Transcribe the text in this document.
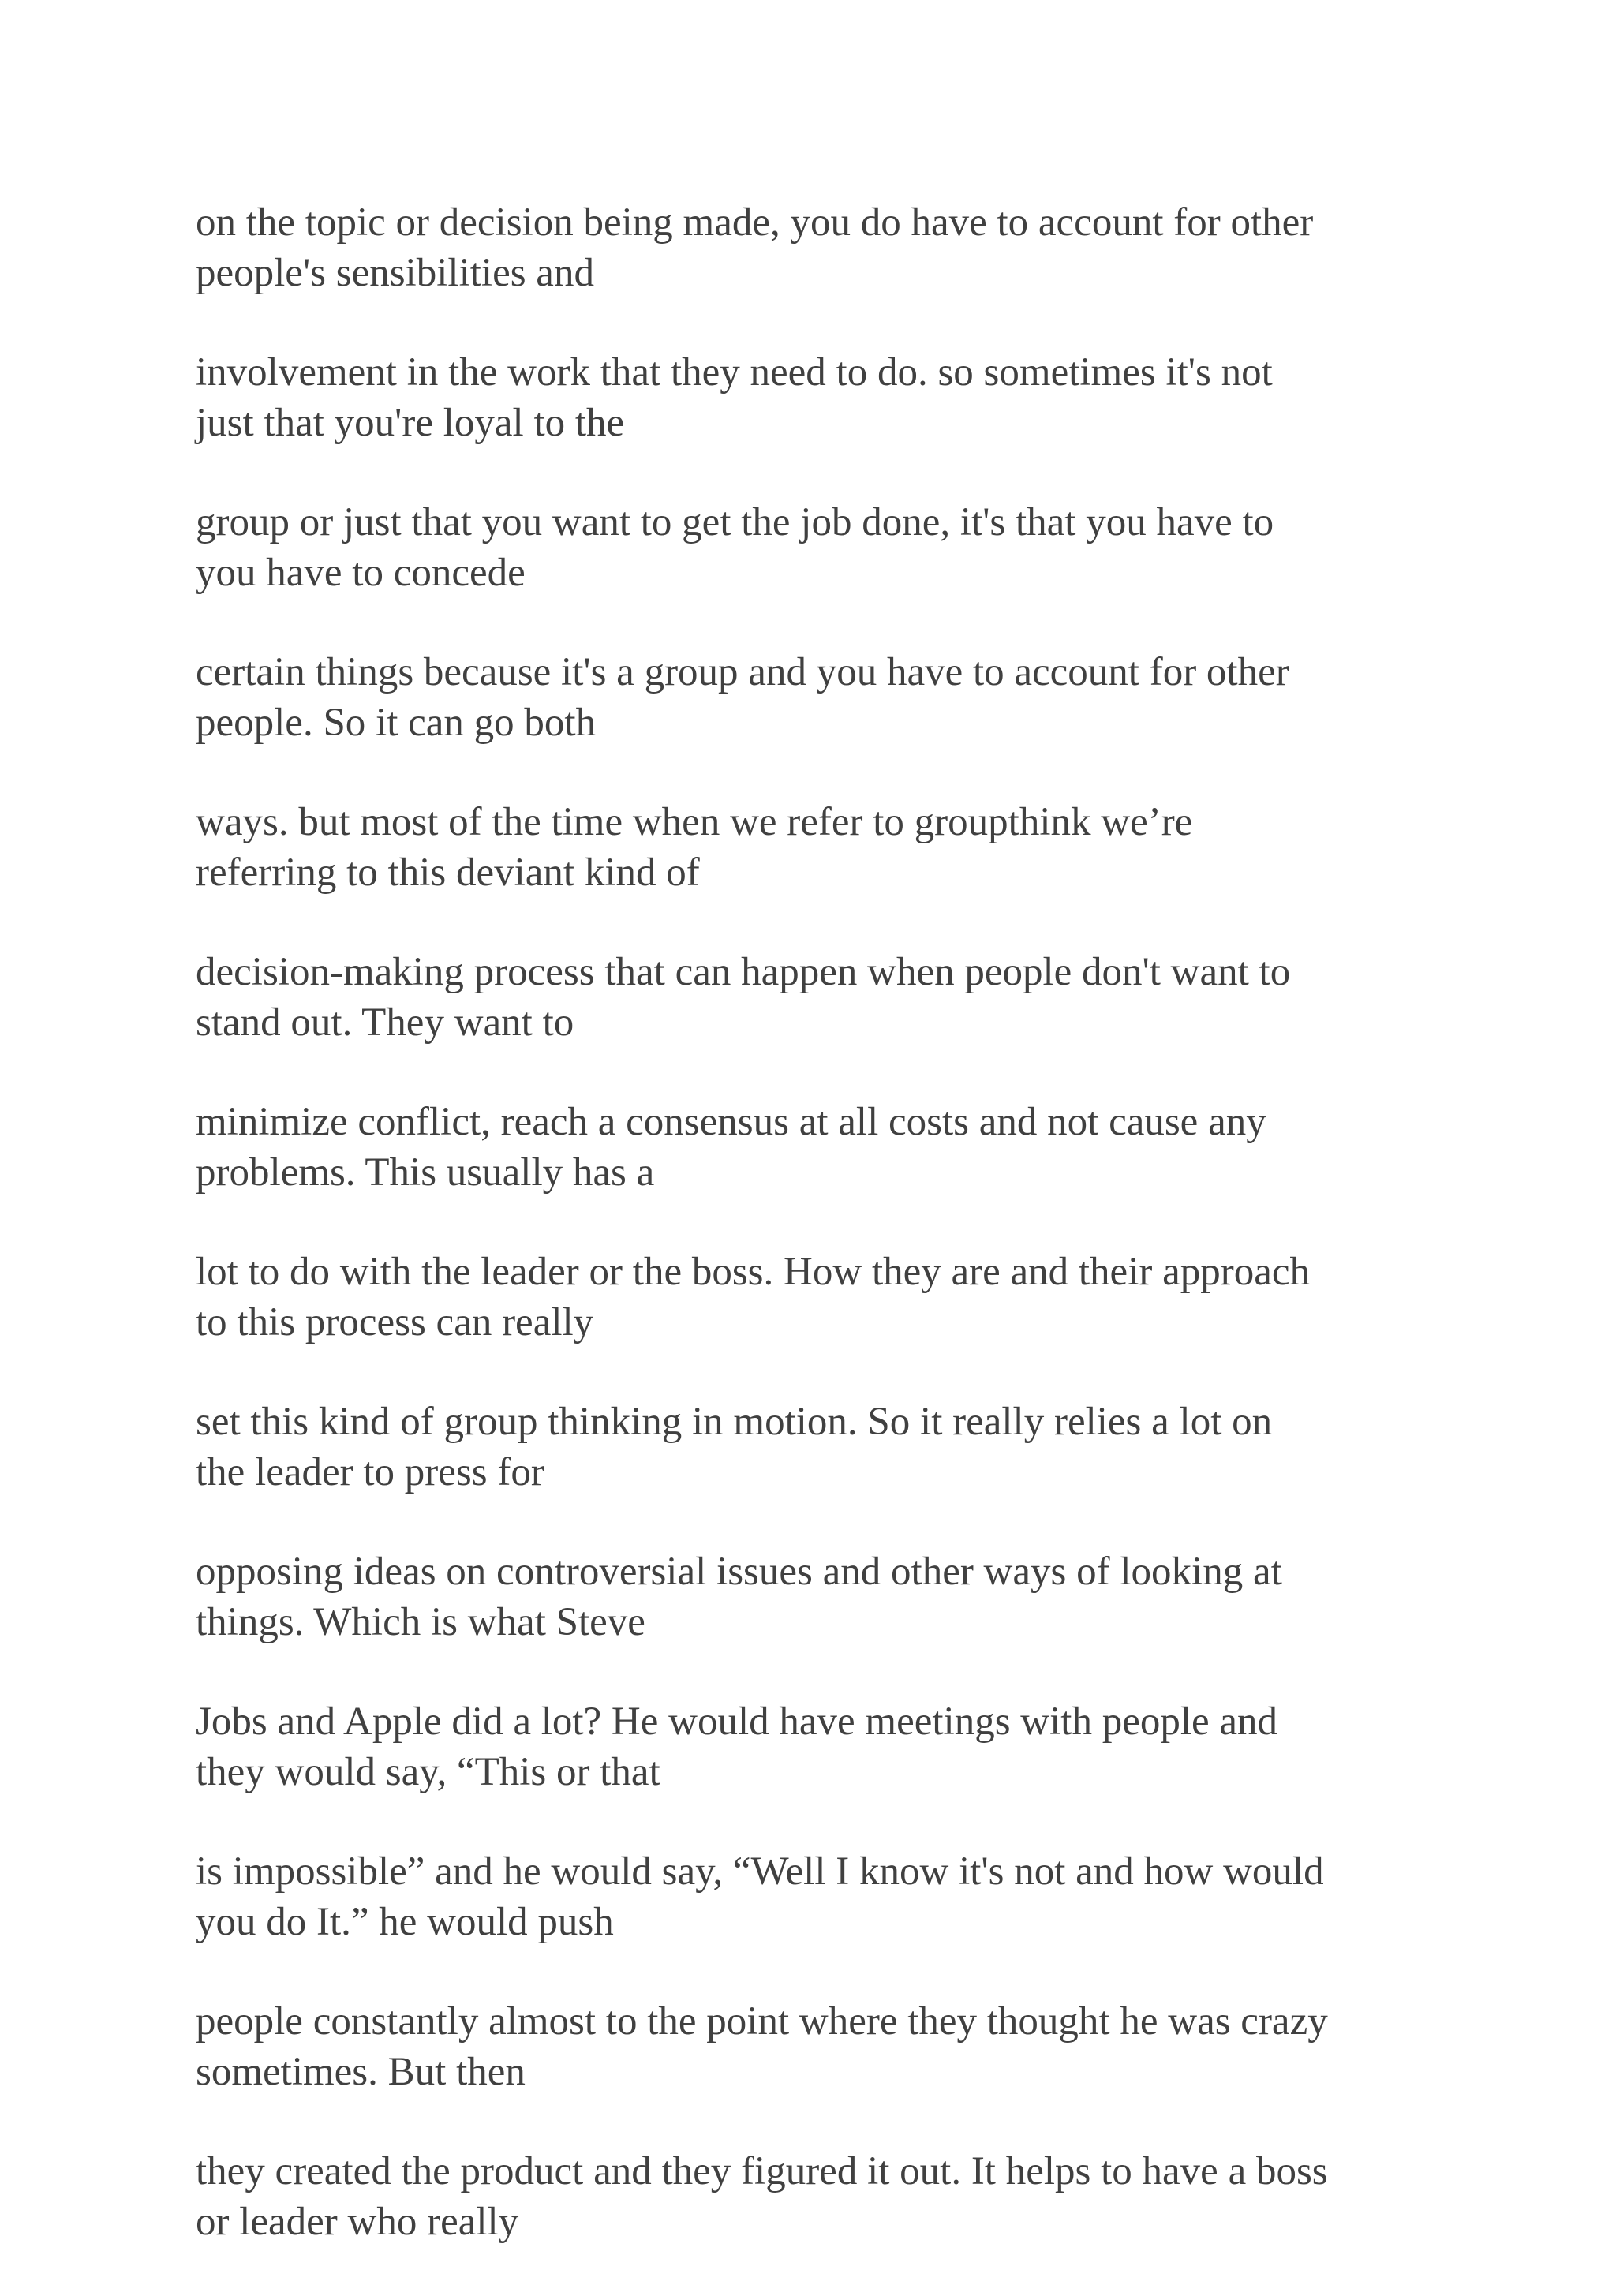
on the topic or decision being made, you do have to account for other
people's sensibilities and
involvement in the work that they need to do. so sometimes it's not
just that you're loyal to the
group or just that you want to get the job done, it's that you have to
you have to concede
certain things because it's a group and you have to account for other
people. So it can go both
ways. but most of the time when we refer to groupthink we’re
referring to this deviant kind of
decision-making process that can happen when people don't want to
stand out. They want to
minimize conflict, reach a consensus at all costs and not cause any
problems. This usually has a
lot to do with the leader or the boss. How they are and their approach
to this process can really
set this kind of group thinking in motion. So it really relies a lot on
the leader to press for
opposing ideas on controversial issues and other ways of looking at
things. Which is what Steve
Jobs and Apple did a lot? He would have meetings with people and
they would say, “This or that
is impossible” and he would say, “Well I know it's not and how would
you do It.” he would push
people constantly almost to the point where they thought he was crazy
sometimes. But then
they created the product and they figured it out. It helps to have a boss
or leader who really
